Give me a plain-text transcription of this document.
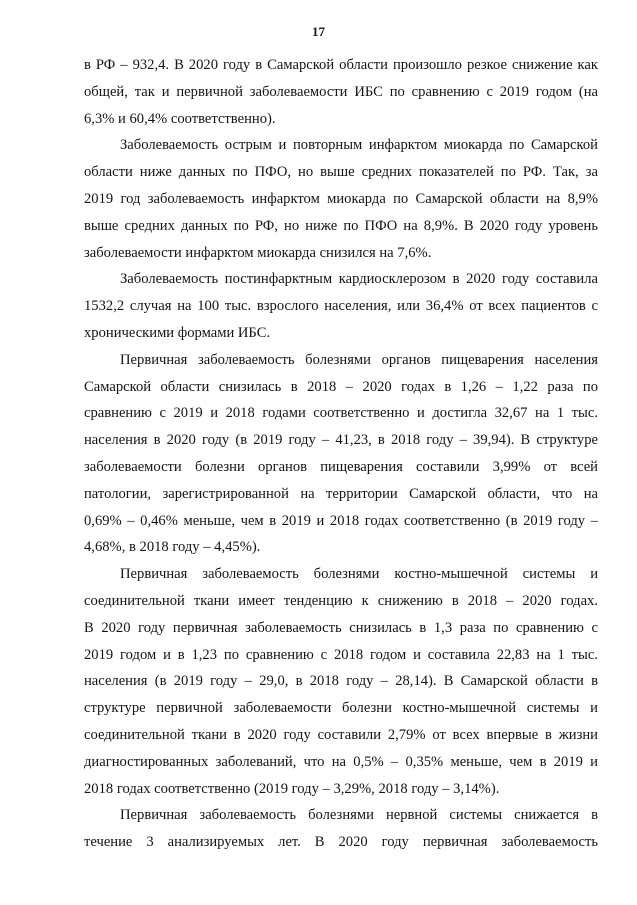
17
в РФ – 932,4. В 2020 году в Самарской области произошло резкое снижение как
общей, так и первичной заболеваемости ИБС по сравнению с 2019 годом (на
6,3% и 60,4% соответственно).
Заболеваемость острым и повторным инфарктом миокарда по Самарской
области ниже данных по ПФО, но выше средних показателей по РФ. Так, за
2019 год заболеваемость инфарктом миокарда по Самарской области на 8,9%
выше средних данных по РФ, но ниже по ПФО на 8,9%. В 2020 году уровень
заболеваемости инфарктом миокарда снизился на 7,6%.
Заболеваемость постинфарктным кардиосклерозом в 2020 году составила
1532,2 случая на 100 тыс. взрослого населения, или 36,4% от всех пациентов с
хроническими формами ИБС.
Первичная заболеваемость болезнями органов пищеварения населения
Самарской области снизилась в 2018 – 2020 годах в 1,26 – 1,22 раза по
сравнению с 2019 и 2018 годами соответственно и достигла 32,67 на 1 тыс.
населения в 2020 году (в 2019 году – 41,23, в 2018 году – 39,94). В структуре
заболеваемости болезни органов пищеварения составили 3,99% от всей
патологии, зарегистрированной на территории Самарской области, что на
0,69% – 0,46% меньше, чем в 2019 и 2018 годах соответственно (в 2019 году –
4,68%, в 2018 году – 4,45%).
Первичная заболеваемость болезнями костно-мышечной системы и
соединительной ткани имеет тенденцию к снижению в 2018 – 2020 годах.
В 2020 году первичная заболеваемость снизилась в 1,3 раза по сравнению с
2019 годом и в 1,23 по сравнению с 2018 годом и составила 22,83 на 1 тыс.
населения (в 2019 году – 29,0, в 2018 году – 28,14). В Самарской области в
структуре первичной заболеваемости болезни костно-мышечной системы и
соединительной ткани в 2020 году составили 2,79% от всех впервые в жизни
диагностированных заболеваний, что на 0,5% – 0,35% меньше, чем в 2019 и
2018 годах соответственно (2019 году – 3,29%, 2018 году – 3,14%).
Первичная заболеваемость болезнями нервной системы снижается в
течение 3 анализируемых лет. В 2020 году первичная заболеваемость
